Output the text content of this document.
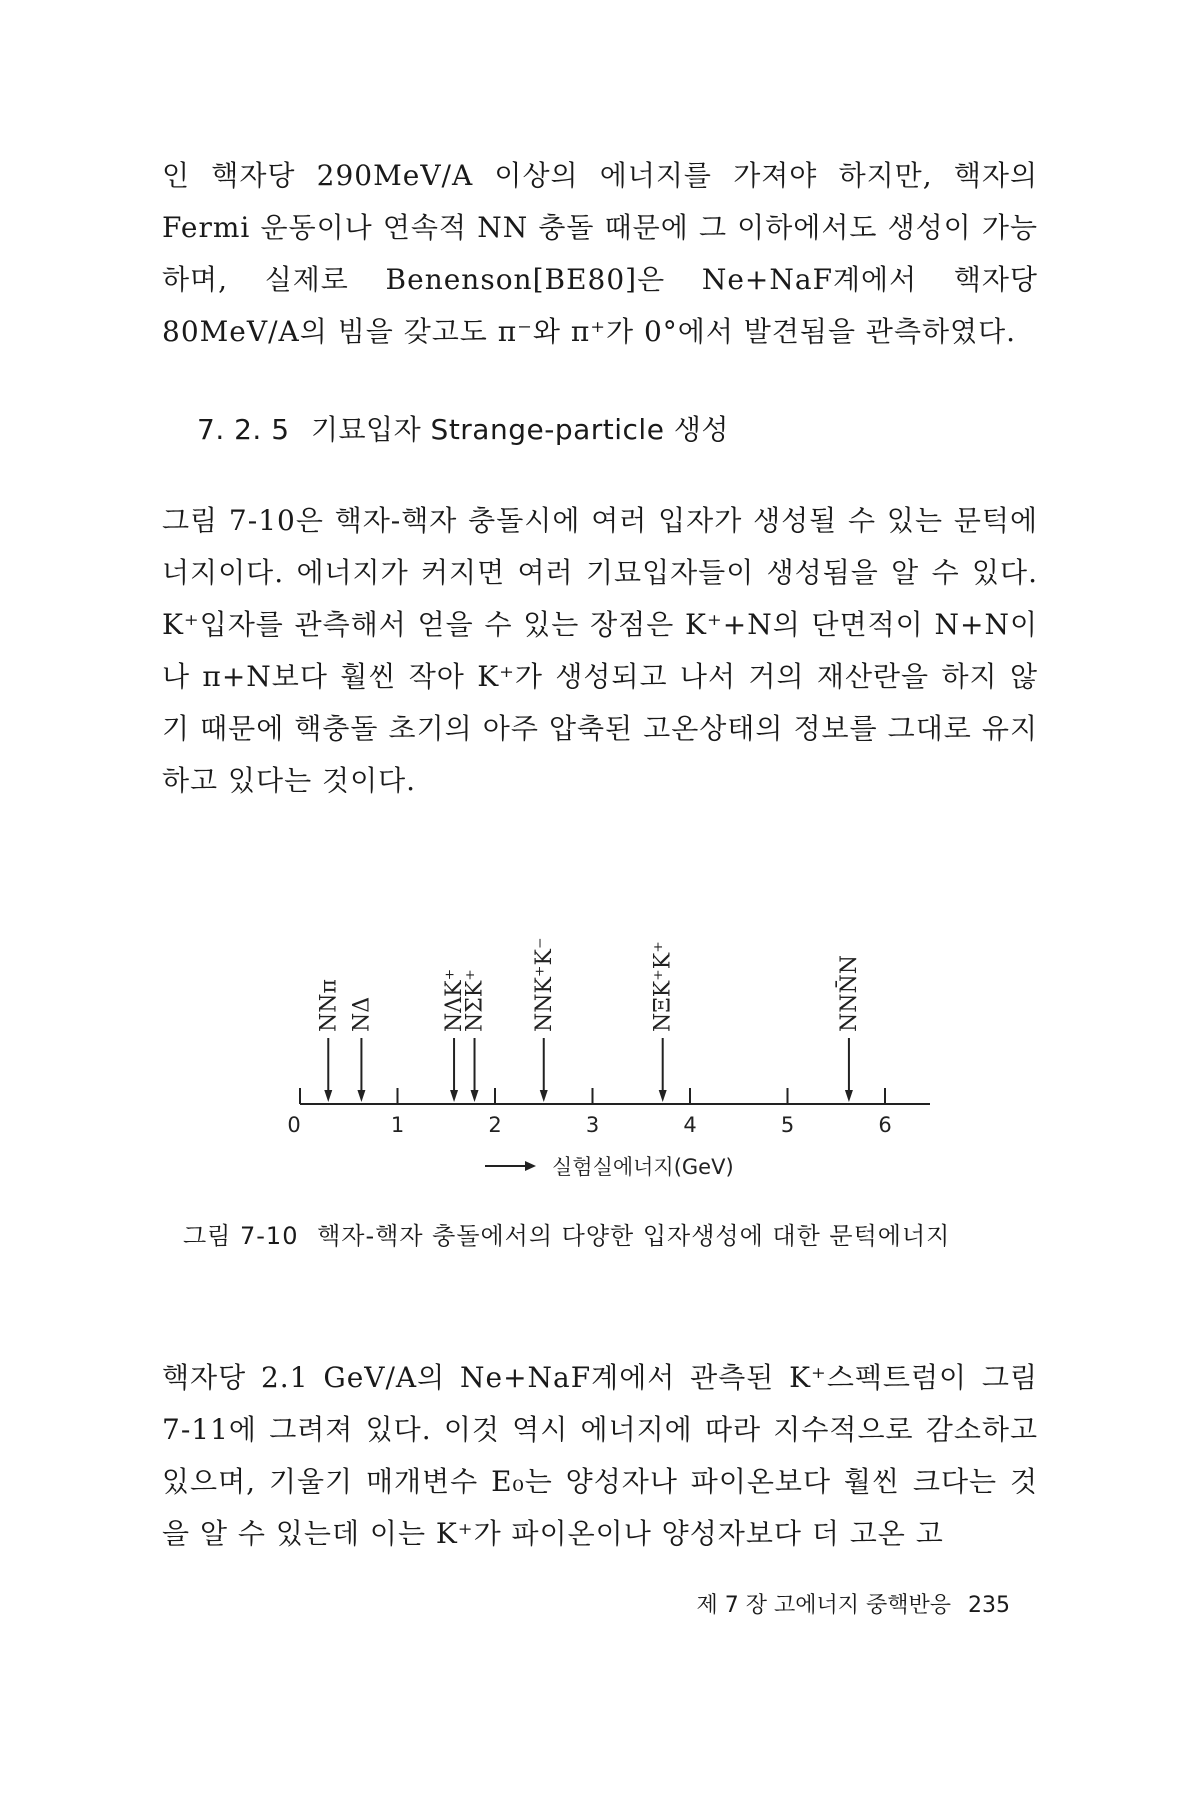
인 핵자당 290MeV/A 이상의 에너지를 가져야 하지만, 핵자의 Fermi 운동이나 연속적 NN 충돌 때문에 그 이하에서도 생성이 가능하며, 실제로 Benenson[BE80]은 Ne+NaF계에서 핵자당 80MeV/A의 빔을 갖고도 π⁻와 π⁺가 0°에서 발견됨을 관측하였다.
7. 2. 5 기묘입자 Strange-particle 생성
그림 7-10은 핵자-핵자 충돌시에 여러 입자가 생성될 수 있는 문턱에너지이다. 에너지가 커지면 여러 기묘입자들이 생성됨을 알 수 있다. K⁺입자를 관측해서 얻을 수 있는 장점은 K⁺+N의 단면적이 N+N이나 π+N보다 훨씬 작아 K⁺가 생성되고 나서 거의 재산란을 하지 않기 때문에 핵충돌 초기의 아주 압축된 고온상태의 정보를 그대로 유지하고 있다는 것이다.
NNπ NΔ	NΛK⁺
NΣK⁺ NNK⁺K⁻	NΞK⁺K⁺	NNN̄N
0	1	2	3	4	5	6
실험실에너지(GeV)
그림 7-10 핵자-핵자 충돌에서의 다양한 입자생성에 대한 문턱에너지
핵자당 2.1 GeV/A의 Ne+NaF계에서 관측된 K⁺스펙트럼이 그림 7-11에 그려져 있다. 이것 역시 에너지에 따라 지수적으로 감소하고 있으며, 기울기 매개변수 E₀는 양성자나 파이온보다 훨씬 크다는 것을 알 수 있는데 이는 K⁺가 파이온이나 양성자보다 더 고온 고
제 7 장 고에너지 중핵반응 235
